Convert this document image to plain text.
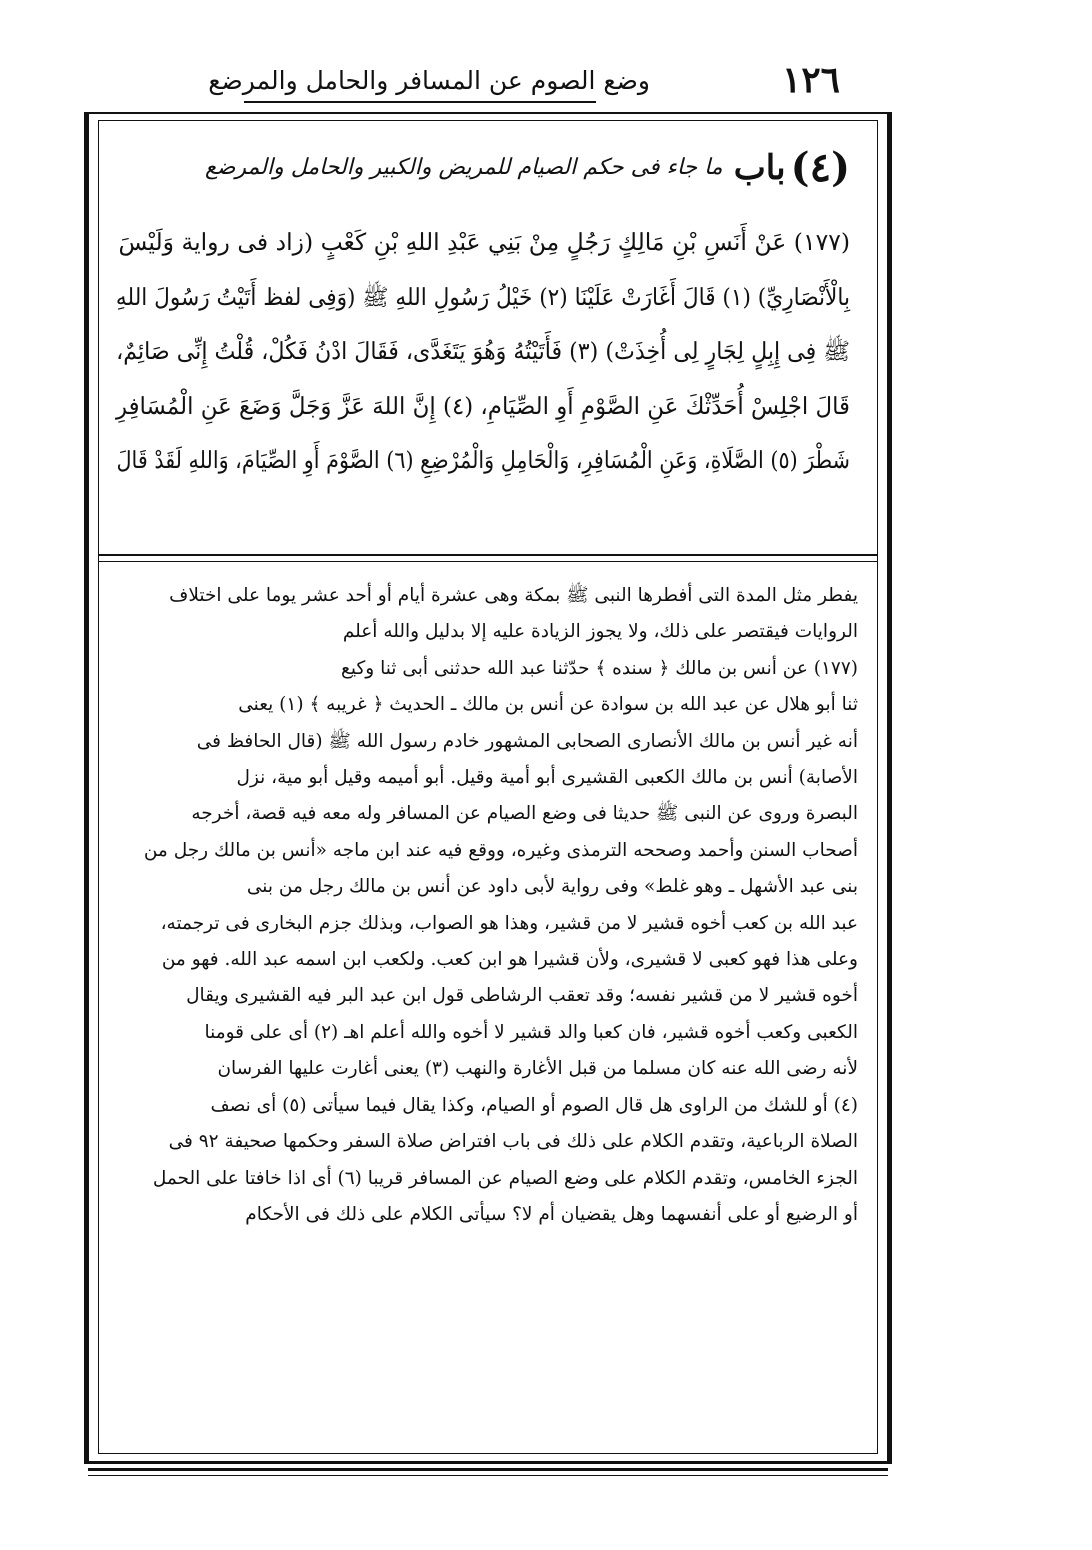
١٢٦
وضع الصوم عن المسافر والحامل والمرضع
(٤) باب ما جاء فى حكم الصيام للمريض والكبير والحامل والمرضع

(١٧٧) عَنْ أَنَسِ بْنِ مَالِكٍ رَجُلٍ مِنْ بَنِي عَبْدِ اللهِ بْنِ كَعْبٍ (زاد فى رواية وَلَيْسَ

بِالْأَنْصَارِيِّ) (١) قَالَ أَغَارَتْ عَلَيْنَا (٢) خَيْلُ رَسُولِ اللهِ ﷺ (وَفِى لفظ أَتَيْتُ رَسُولَ اللهِ

ﷺ فِى إِبِلٍ لِجَارٍ لِى أُخِذَتْ) (٣) فَأَتَيْتُهُ وَهُوَ يَتَغَدَّى، فَقَالَ ادْنُ فَكُلْ، قُلْتُ إِنِّى صَائِمٌ،

قَالَ اجْلِسْ أُحَدِّثْكَ عَنِ الصَّوْمِ أَوِ الصِّيَامِ، (٤) إِنَّ اللهَ عَزَّ وَجَلَّ وَضَعَ عَنِ الْمُسَافِرِ

شَطْرَ (٥) الصَّلَاةِ، وَعَنِ الْمُسَافِرِ، وَالْحَامِلِ وَالْمُرْضِعِ (٦) الصَّوْمَ أَوِ الصِّيَامَ، وَاللهِ لَقَدْ قَالَ

يفطر مثل المدة التى أفطرها النبى ﷺ بمكة وهى عشرة أيام أو أحد عشر يوما على اختلاف

الروايات فيقتصر على ذلك، ولا يجوز الزيادة عليه إلا بدليل والله أعلم

(١٧٧) عن أنس بن مالك ﴿ سنده ﴾ حدّثنا عبد الله حدثنى أبى ثنا وكيع

ثنا أبو هلال عن عبد الله بن سوادة عن أنس بن مالك ـ الحديث ﴿ غريبه ﴾ (١) يعنى

أنه غير أنس بن مالك الأنصارى الصحابى المشهور خادم رسول الله ﷺ (قال الحافظ فى

الأصابة) أنس بن مالك الكعبى القشيرى أبو أمية وقيل. أبو أميمه وقيل أبو مية، نزل

البصرة وروى عن النبى ﷺ حديثا فى وضع الصيام عن المسافر وله معه فيه قصة، أخرجه

أصحاب السنن وأحمد وصححه الترمذى وغيره، ووقع فيه عند ابن ماجه «أنس بن مالك رجل من

بنى عبد الأشهل ـ وهو غلط» وفى رواية لأبى داود عن أنس بن مالك رجل من بنى

عبد الله بن كعب أخوه قشير لا من قشير، وهذا هو الصواب، وبذلك جزم البخارى فى ترجمته،

وعلى هذا فهو كعبى لا قشيرى، ولأن قشيرا هو ابن كعب. ولكعب ابن اسمه عبد الله. فهو من

أخوه قشير لا من قشير نفسه؛ وقد تعقب الرشاطى قول ابن عبد البر فيه القشيرى ويقال

الكعبى وكعب أخوه قشير، فان كعبا والد قشير لا أخوه والله أعلم اهـ (٢) أى على قومنا

لأنه رضى الله عنه كان مسلما من قبل الأغارة والنهب (٣) يعنى أغارت عليها الفرسان

(٤) أو للشك من الراوى هل قال الصوم أو الصيام، وكذا يقال فيما سيأتى (٥) أى نصف

الصلاة الرباعية، وتقدم الكلام على ذلك فى باب افتراض صلاة السفر وحكمها صحيفة ٩٢ فى

الجزء الخامس، وتقدم الكلام على وضع الصيام عن المسافر قريبا (٦) أى اذا خافتا على الحمل

أو الرضيع أو على أنفسهما وهل يقضيان أم لا؟ سيأتى الكلام على ذلك فى الأحكام
